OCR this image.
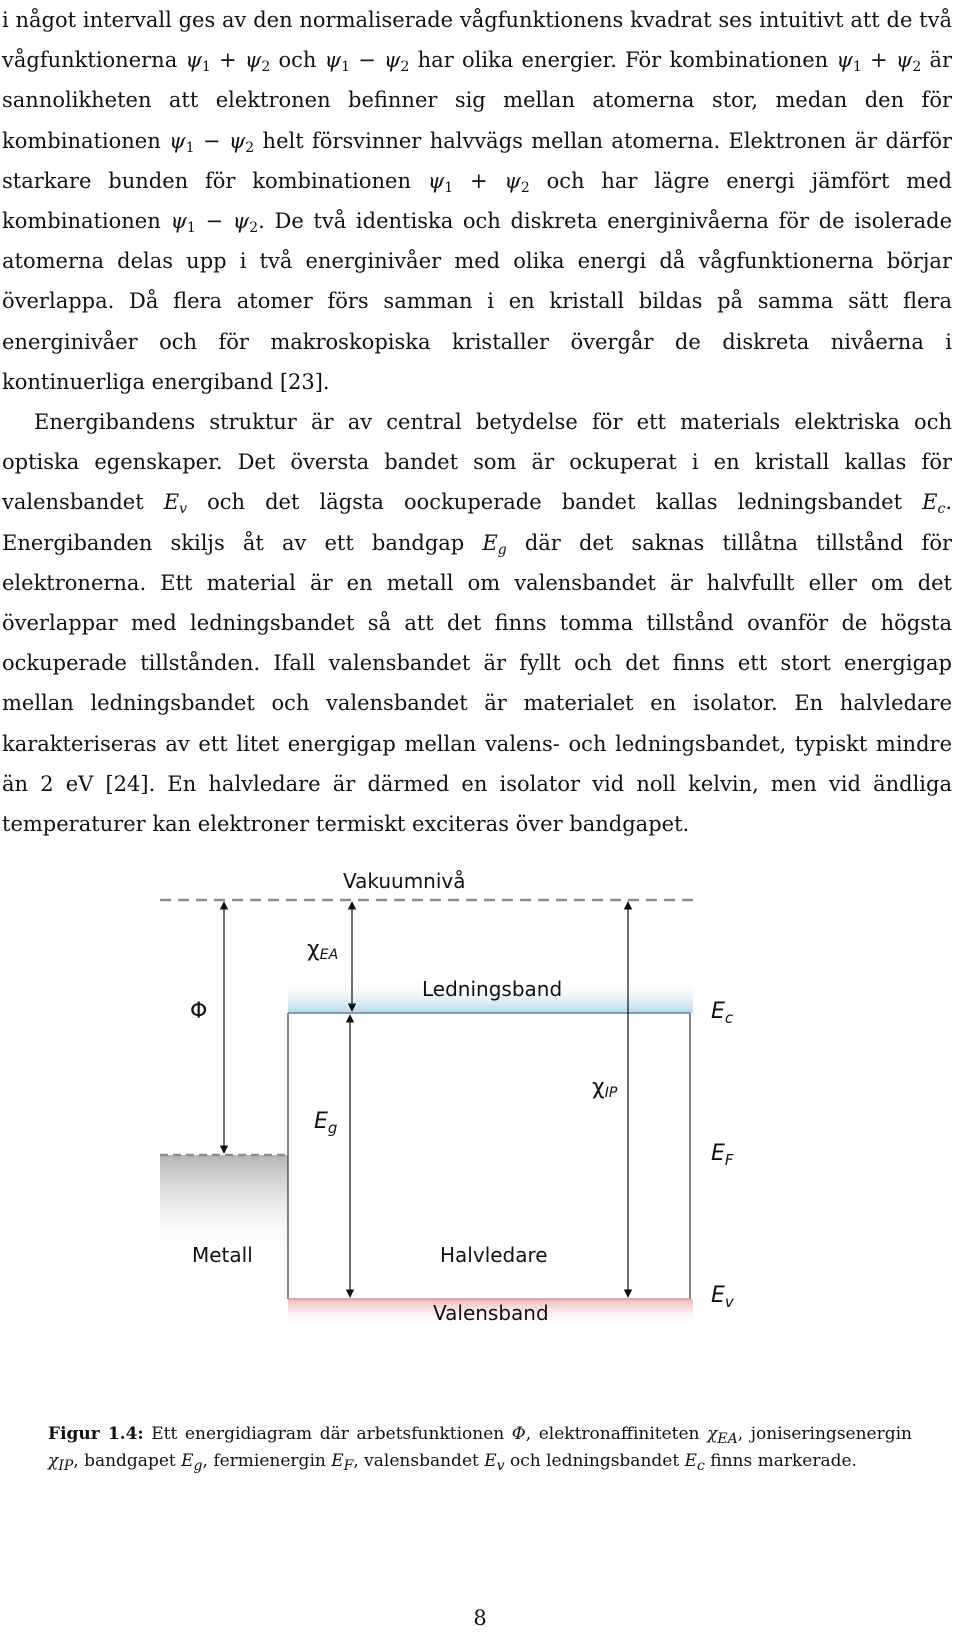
i något intervall ges av den normaliserade vågfunktionens kvadrat ses intuitivt att de två vågfunktionerna $\psi_1 + \psi_2$ och $\psi_1 - \psi_2$ har olika energier. För kombinationen $\psi_1 + \psi_2$ är sannolikheten att elektronen befinner sig mellan atomerna stor, medan den för kombinationen $\psi_1 - \psi_2$ helt försvinner halvvägs mellan atomerna. Elektronen är därför starkare bunden för kombinationen $\psi_1 + \psi_2$ och har lägre energi jämfört med kombinationen $\psi_1 - \psi_2$. De två identiska och diskreta energinivåerna för de isolerade atomerna delas upp i två energinivåer med olika energi då vågfunktionerna börjar överlappa. Då flera atomer förs samman i en kristall bildas på samma sätt flera energinivåer och för makroskopiska kristaller övergår de diskreta nivåerna i kontinuerliga energiband [23].

Energibandens struktur är av central betydelse för ett materials elektriska och optiska egenskaper. Det översta bandet som är ockuperat i en kristall kallas för valensbandet $E_v$ och det lägsta oockuperade bandet kallas ledningsbandet $E_c$. Energibanden skiljs åt av ett bandgap $E_g$ där det saknas tillåtna tillstånd för elektronerna. Ett material är en metall om valensbandet är halvfullt eller om det överlappar med ledningsbandet så att det finns tomma tillstånd ovanför de högsta ockuperade tillstånden. Ifall valensbandet är fyllt och det finns ett stort energigap mellan ledningsbandet och valensbandet är materialet en isolator. En halvledare karakteriseras av ett litet energigap mellan valens- och ledningsbandet, typiskt mindre än 2 eV [24]. En halvledare är därmed en isolator vid noll kelvin, men vid ändliga temperaturer kan elektroner termiskt exciteras över bandgapet.

Vakuumnivå
χEA
Φ
Ledningsband
$E_c$
χIP
$E_g$
$E_F$
Metall	Halvledare
$E_v$
Valensband
Figur 1.4: Ett energidiagram där arbetsfunktionen Φ, elektronaffiniteten $\chi_{EA}$, joniseringsenergin $\chi_{IP}$, bandgapet $E_g$, fermienergin $E_F$, valensbandet $E_v$ och ledningsbandet $E_c$ finns markerade.
8
